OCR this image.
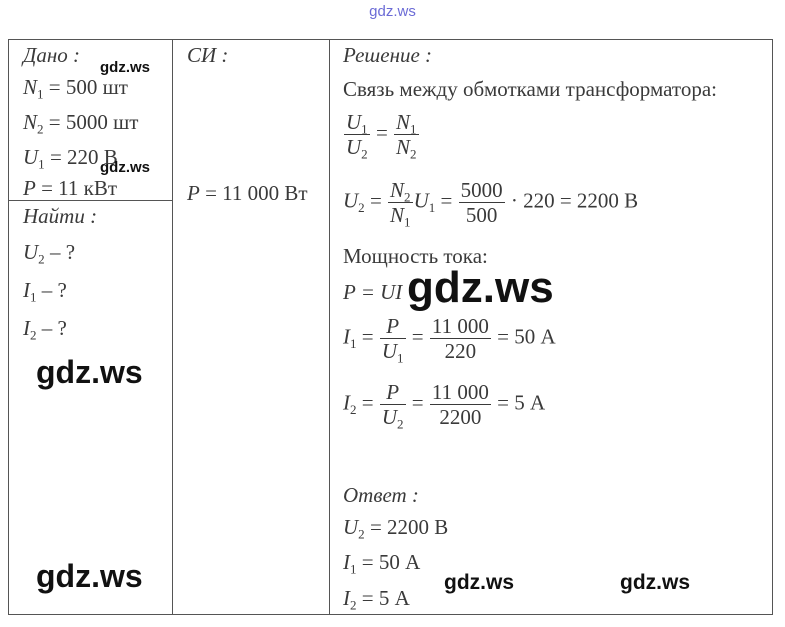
gdz.ws
Дано :
$N_1 = 500$ шт
$N_2 = 5000$ шт
$U_1 = 220$ В
P = 11 кВт
Найти :
$U_2$ – ?
$I_1$ – ?
$I_2$ – ?
СИ :
P = 11 000 Вт
Решение :
Связь между обмотками трансформатора:
$\frac{U_1}{U_2} = \frac{N_1}{N_2}$
$U_2 = \frac{N_2}{N_1} U_1 = \frac{5000}{500} \cdot 220 = 2200$ В
Мощность тока:
P = UI
$I_1 = \frac{P}{U_1} = \frac{11 000}{220} = 50$ А
$I_2 = \frac{P}{U_2} = \frac{11 000}{2200} = 5$ А
Ответ :
$U_2 = 2200$ В
$I_1 = 50$ А
$I_2 = 5$ А
gdz.ws
gdz.ws
gdz.ws
gdz.ws
gdz.ws	gdz.ws	gdz.ws
